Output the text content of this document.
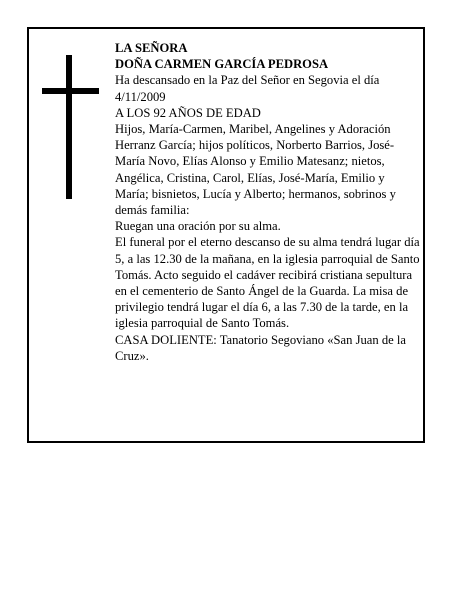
LA SEÑORA

DOÑA CARMEN GARCÍA PEDROSA

Ha descansado en la Paz del Señor en Segovia el día 4/11/2009

A LOS 92 AÑOS DE EDAD

Hijos, María-Carmen, Maribel, Angelines y Adoración Herranz García; hijos políticos, Norberto Barrios, José-María Novo, Elías Alonso y Emilio Matesanz; nietos, Angélica, Cristina, Carol, Elías, José-María, Emilio y María; bisnietos, Lucía y Alberto; hermanos, sobrinos y demás familia:

Ruegan una oración por su alma.

El funeral por el eterno descanso de su alma tendrá lugar día 5, a las 12.30 de la mañana, en la iglesia parroquial de Santo Tomás. Acto seguido el cadáver recibirá cristiana sepultura en el cementerio de Santo Ángel de la Guarda. La misa de privilegio tendrá lugar el día 6, a las 7.30 de la tarde, en la iglesia parroquial de Santo Tomás.

CASA DOLIENTE: Tanatorio Segoviano «San Juan de la Cruz».
